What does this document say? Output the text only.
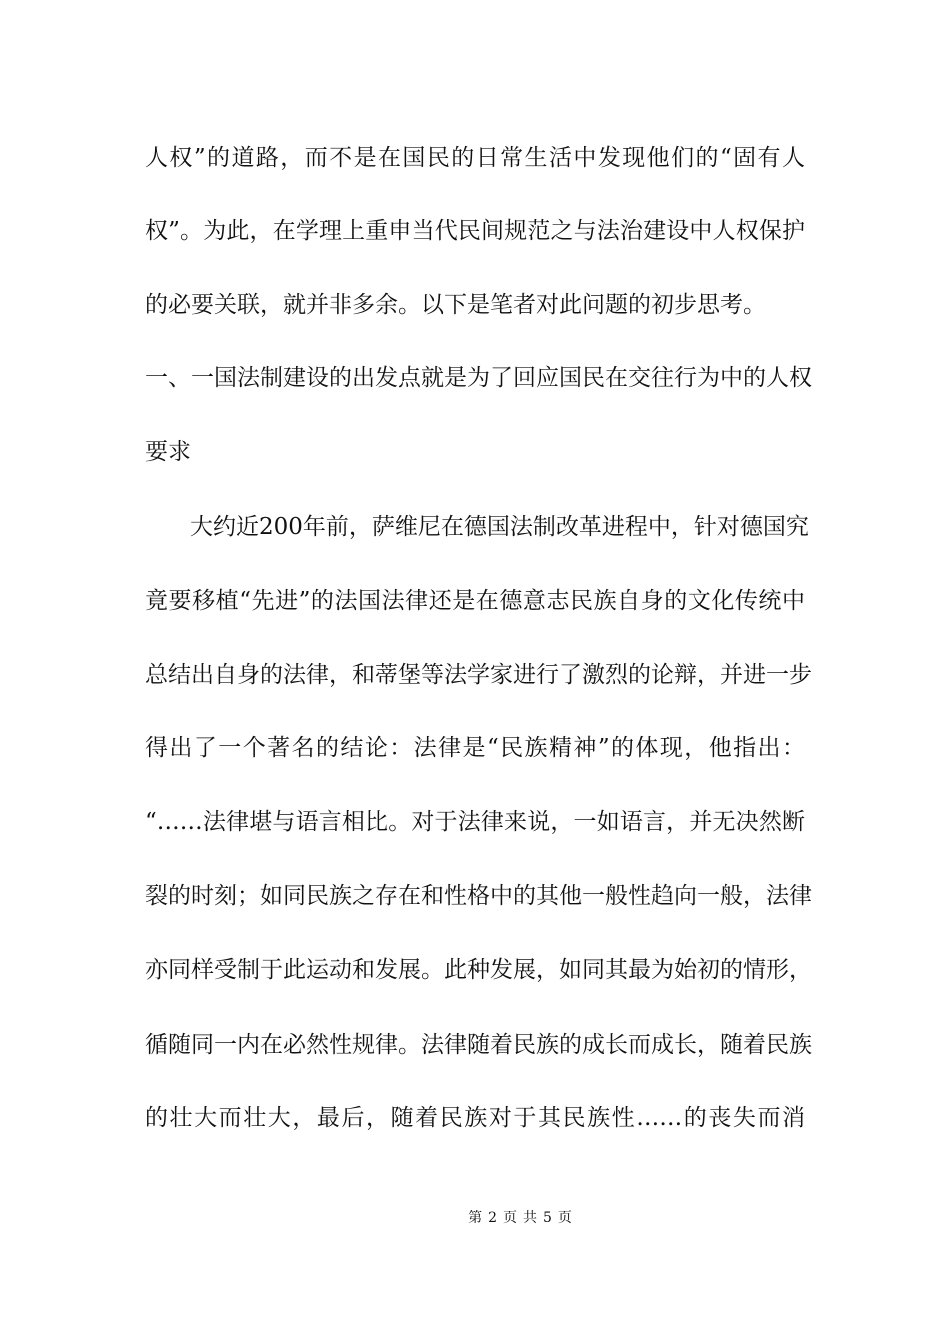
人权”的道路，而不是在国民的日常生活中发现他们的“固有人
权”。为此，在学理上重申当代民间规范之与法治建设中人权保护
的必要关联，就并非多余。以下是笔者对此问题的初步思考。
一、一国法制建设的出发点就是为了回应国民在交往行为中的人权
要求
大约近200年前，萨维尼在德国法制改革进程中，针对德国究
竟要移植“先进”的法国法律还是在德意志民族自身的文化传统中
总结出自身的法律，和蒂堡等法学家进行了激烈的论辩，并进一步
得出了一个著名的结论：法律是“民族精神”的体现，他指出：
“……法律堪与语言相比。对于法律来说，一如语言，并无决然断
裂的时刻；如同民族之存在和性格中的其他一般性趋向一般，法律
亦同样受制于此运动和发展。此种发展，如同其最为始初的情形，
循随同一内在必然性规律。法律随着民族的成长而成长，随着民族
的壮大而壮大，最后，随着民族对于其民族性……的丧失而消
第 2 页 共 5 页
